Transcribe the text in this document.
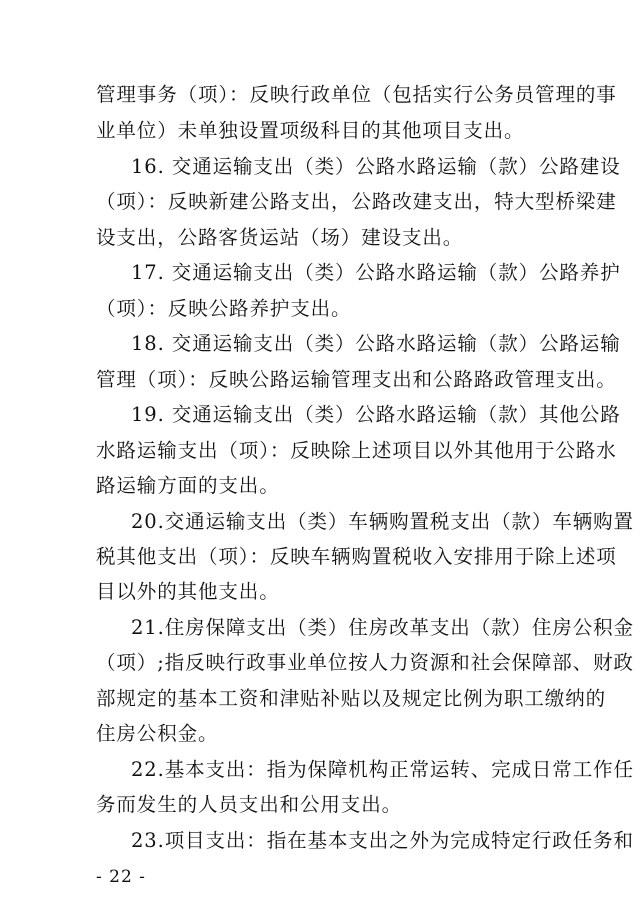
管理事务（项）：反映行政单位（包括实行公务员管理的事
业单位）未单独设置项级科目的其他项目支出。
16. 交通运输支出（类）公路水路运输（款）公路建设
（项）：反映新建公路支出，公路改建支出，特大型桥梁建
设支出，公路客货运站（场）建设支出。
17. 交通运输支出（类）公路水路运输（款）公路养护
（项）：反映公路养护支出。
18. 交通运输支出（类）公路水路运输（款）公路运输
管理（项）：反映公路运输管理支出和公路路政管理支出。
19. 交通运输支出（类）公路水路运输（款）其他公路
水路运输支出（项）：反映除上述项目以外其他用于公路水
路运输方面的支出。
20.交通运输支出（类）车辆购置税支出（款）车辆购置
税其他支出（项）：反映车辆购置税收入安排用于除上述项
目以外的其他支出。
21.住房保障支出（类）住房改革支出（款）住房公积金
（项）;指反映行政事业单位按人力资源和社会保障部、财政
部规定的基本工资和津贴补贴以及规定比例为职工缴纳的
住房公积金。
22.基本支出：指为保障机构正常运转、完成日常工作任
务而发生的人员支出和公用支出。
23.项目支出：指在基本支出之外为完成特定行政任务和
- 22 -
